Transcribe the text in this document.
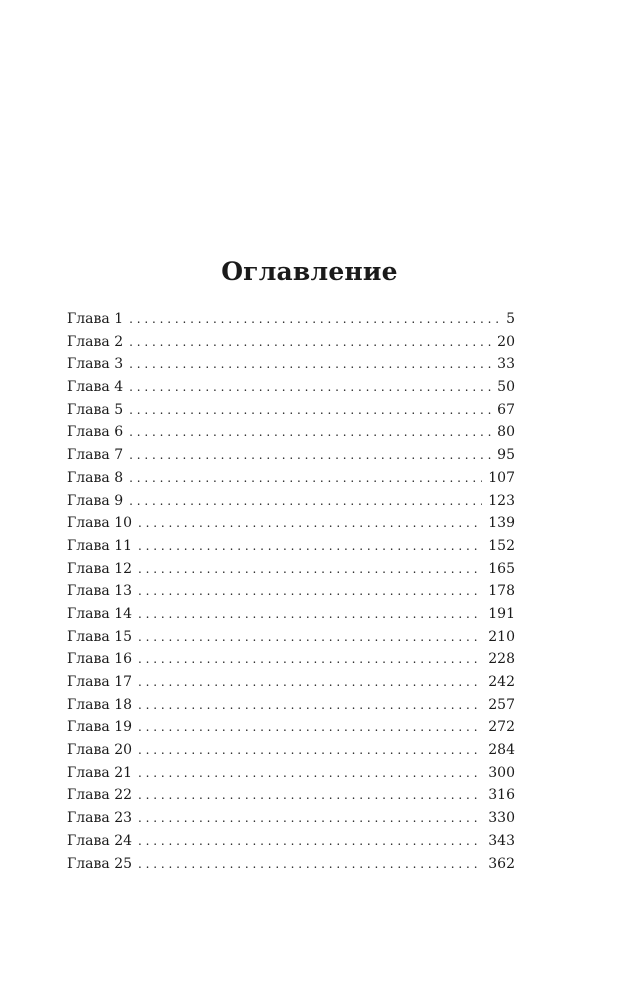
Оглавление
Глава 1 . . .	5
Глава 2 . . .	20
Глава 3 . . .	33
Глава 4 . . .	50
Глава 5 . . .	67
Глава 6 . . .	80
Глава 7 . . .	95
Глава 8 . . .	107
Глава 9 . . .	123
Глава 10 . . .	139
Глава 11 . . .	152
Глава 12 . . .	165
Глава 13 . . .	178
Глава 14 . . .	191
Глава 15 . . .	210
Глава 16 . . .	228
Глава 17 . . .	242
Глава 18 . . .	257
Глава 19 . . .	272
Глава 20 . . .	284
Глава 21 . . .	300
Глава 22 . . .	316
Глава 23 . . .	330
Глава 24 . . .	343
Глава 25 . . .	362
